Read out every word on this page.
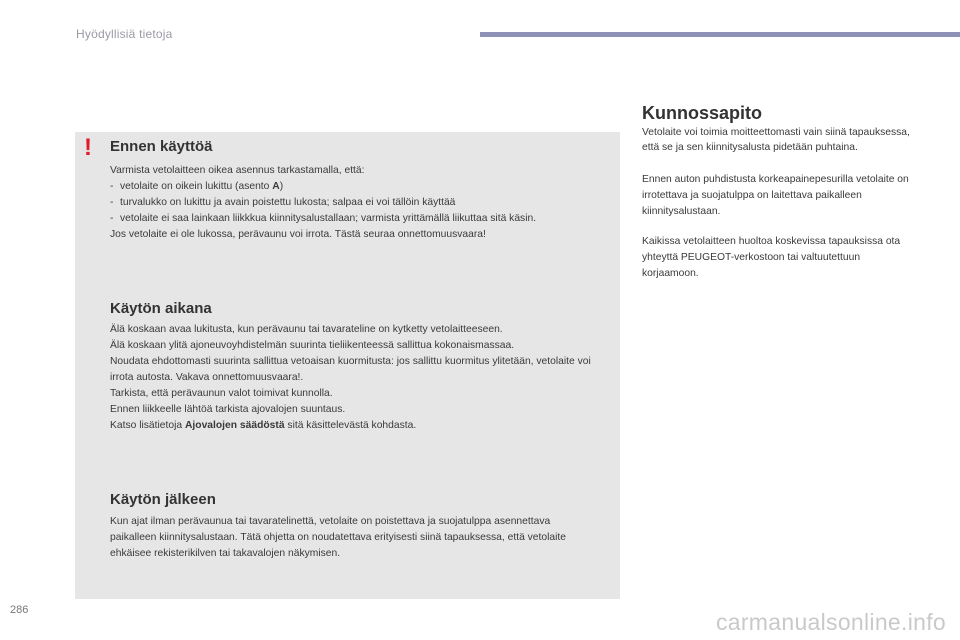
Hyödyllisiä tietoja
!	Ennen käyttöä

Varmista vetolaitteen oikea asennus tarkastamalla, että:

- vetolaite on oikein lukittu (asento A)
- turvalukko on lukittu ja avain poistettu lukosta; salpaa ei voi tällöin käyttää
- vetolaite ei saa lainkaan liikkkua kiinnitysalustallaan; varmista yrittämällä liikuttaa sitä käsin.

Jos vetolaite ei ole lukossa, perävaunu voi irrota. Tästä seuraa onnettomuusvaara!

Käytön aikana

Älä koskaan avaa lukitusta, kun perävaunu tai tavarateline on kytketty vetolaitteeseen.

Älä koskaan ylitä ajoneuvoyhdistelmän suurinta tieliikenteessä sallittua kokonaismassaa.

Noudata ehdottomasti suurinta sallittua vetoaisan kuormitusta: jos sallittu kuormitus ylitetään, vetolaite voi irrota autosta. Vakava onnettomuusvaara!.

Tarkista, että perävaunun valot toimivat kunnolla.

Ennen liikkeelle lähtöä tarkista ajovalojen suuntaus.

Katso lisätietoja Ajovalojen säädöstä sitä käsittelevästä kohdasta.

Käytön jälkeen
Kun ajat ilman perävaunua tai tavaratelinettä, vetolaite on poistettava ja suojatulppa asennettava paikalleen kiinnitysalustaan. Tätä ohjetta on noudatettava erityisesti siinä tapauksessa, että vetolaite ehkäisee rekisterikilven tai takavalojen näkymisen.
Kunnossapito
Vetolaite voi toimia moitteettomasti vain siinä tapauksessa, että se ja sen kiinnitysalusta pidetään puhtaina.
Ennen auton puhdistusta korkeapainepesurilla vetolaite on irrotettava ja suojatulppa on laitettava paikalleen kiinnitysalustaan.
Kaikissa vetolaitteen huoltoa koskevissa tapauksissa ota yhteyttä PEUGEOT-verkostoon tai valtuutettuun korjaamoon.
286	carmanualsonline.info
